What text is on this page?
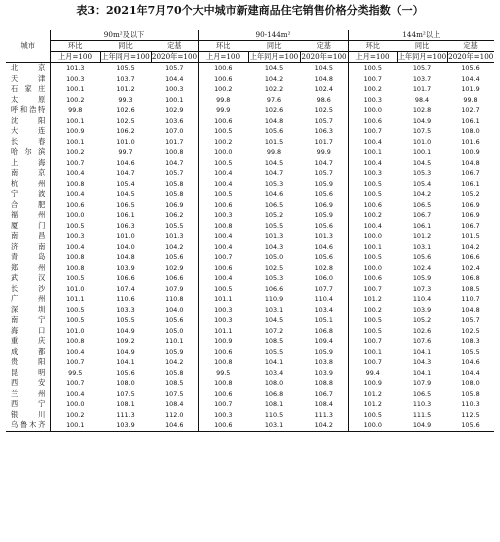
表3：2021年7月70个大中城市新建商品住宅销售价格分类指数（一）
城市	90m²及以下			90-144m²			144m²以上		
	环比	同比	定基	环比	同比	定基	环比	同比	定基
	上月=100	上年同月=100	2020年=100	上月=100	上年同月=100	2020年=100	上月=100	上年同月=100	2020年=100
北京	101.3	105.5	105.7	100.6	104.5	104.5	100.5	105.7	105.6
天津	100.3	103.7	104.4	100.6	104.2	104.8	100.7	103.7	104.4
石家庄	100.1	101.2	100.3	100.2	102.2	102.4	100.2	101.7	101.9
太原	100.2	99.3	100.1	99.8	97.6	98.6	100.3	98.4	99.8
呼和浩特	99.8	102.6	102.9	99.9	102.6	102.5	100.0	102.8	102.7
沈阳	100.1	102.5	103.6	100.6	104.8	105.7	100.6	104.9	106.1
大连	100.9	106.2	107.0	100.5	105.6	106.3	100.7	107.5	108.0
长春	100.1	101.0	101.7	100.2	101.5	101.7	100.4	101.0	101.6
哈尔滨	100.2	99.7	100.8	100.0	99.8	99.9	100.1	100.1	100.9
上海	100.7	104.6	104.7	100.5	104.5	104.7	100.4	104.5	104.8
南京	100.4	104.7	105.7	100.4	104.7	105.7	100.3	105.3	106.7
杭州	100.8	105.4	105.8	100.4	105.3	105.9	100.5	105.4	106.1
宁波	100.4	104.5	105.8	100.5	104.6	105.6	100.5	104.2	105.2
合肥	100.6	106.5	106.9	100.6	106.5	106.9	100.6	106.5	106.9
福州	100.0	106.1	106.2	100.3	105.2	105.9	100.2	106.7	106.9
厦门	100.5	106.3	105.5	100.8	105.5	105.6	100.4	106.1	106.7
南昌	100.3	101.0	101.3	100.4	101.3	101.3	100.0	101.2	101.5
济南	100.4	104.0	104.2	100.4	104.3	104.6	100.1	103.1	104.2
青岛	100.8	104.8	105.6	100.7	105.0	105.6	100.5	105.6	106.6
郑州	100.8	103.9	102.9	100.6	102.5	102.8	100.0	102.4	102.4
武汉	100.5	106.6	106.6	100.4	105.3	106.0	100.6	105.9	106.8
长沙	101.0	107.4	107.9	100.5	106.6	107.7	100.7	107.3	108.5
广州	101.1	110.6	110.8	101.1	110.9	110.4	101.2	110.4	110.7
深圳	100.5	103.3	104.0	100.3	103.1	103.4	100.2	103.9	104.8
南宁	100.5	105.5	105.6	100.3	104.5	105.1	100.5	105.2	105.7
海口	101.0	104.9	105.0	101.1	107.2	106.8	100.5	102.6	102.5
重庆	100.8	109.2	110.1	100.9	108.5	109.4	100.7	107.6	108.3
成都	100.4	104.9	105.9	100.6	105.5	105.9	100.1	104.1	105.5
贵阳	100.7	104.1	104.2	100.8	104.1	103.8	100.7	104.3	104.6
昆明	99.5	105.6	105.8	99.5	103.4	103.9	99.4	104.1	104.4
西安	100.7	108.0	108.5	100.8	108.0	108.8	100.9	107.9	108.0
兰州	100.4	107.5	107.5	100.6	106.8	106.7	101.2	106.5	105.8
西宁	100.0	108.1	108.4	100.7	108.1	108.4	101.2	110.3	110.3
银川	100.2	111.3	112.0	100.3	110.5	111.3	100.5	111.5	112.5
乌鲁木齐	100.1	103.9	104.6	100.6	103.1	104.2	100.0	104.9	105.6
